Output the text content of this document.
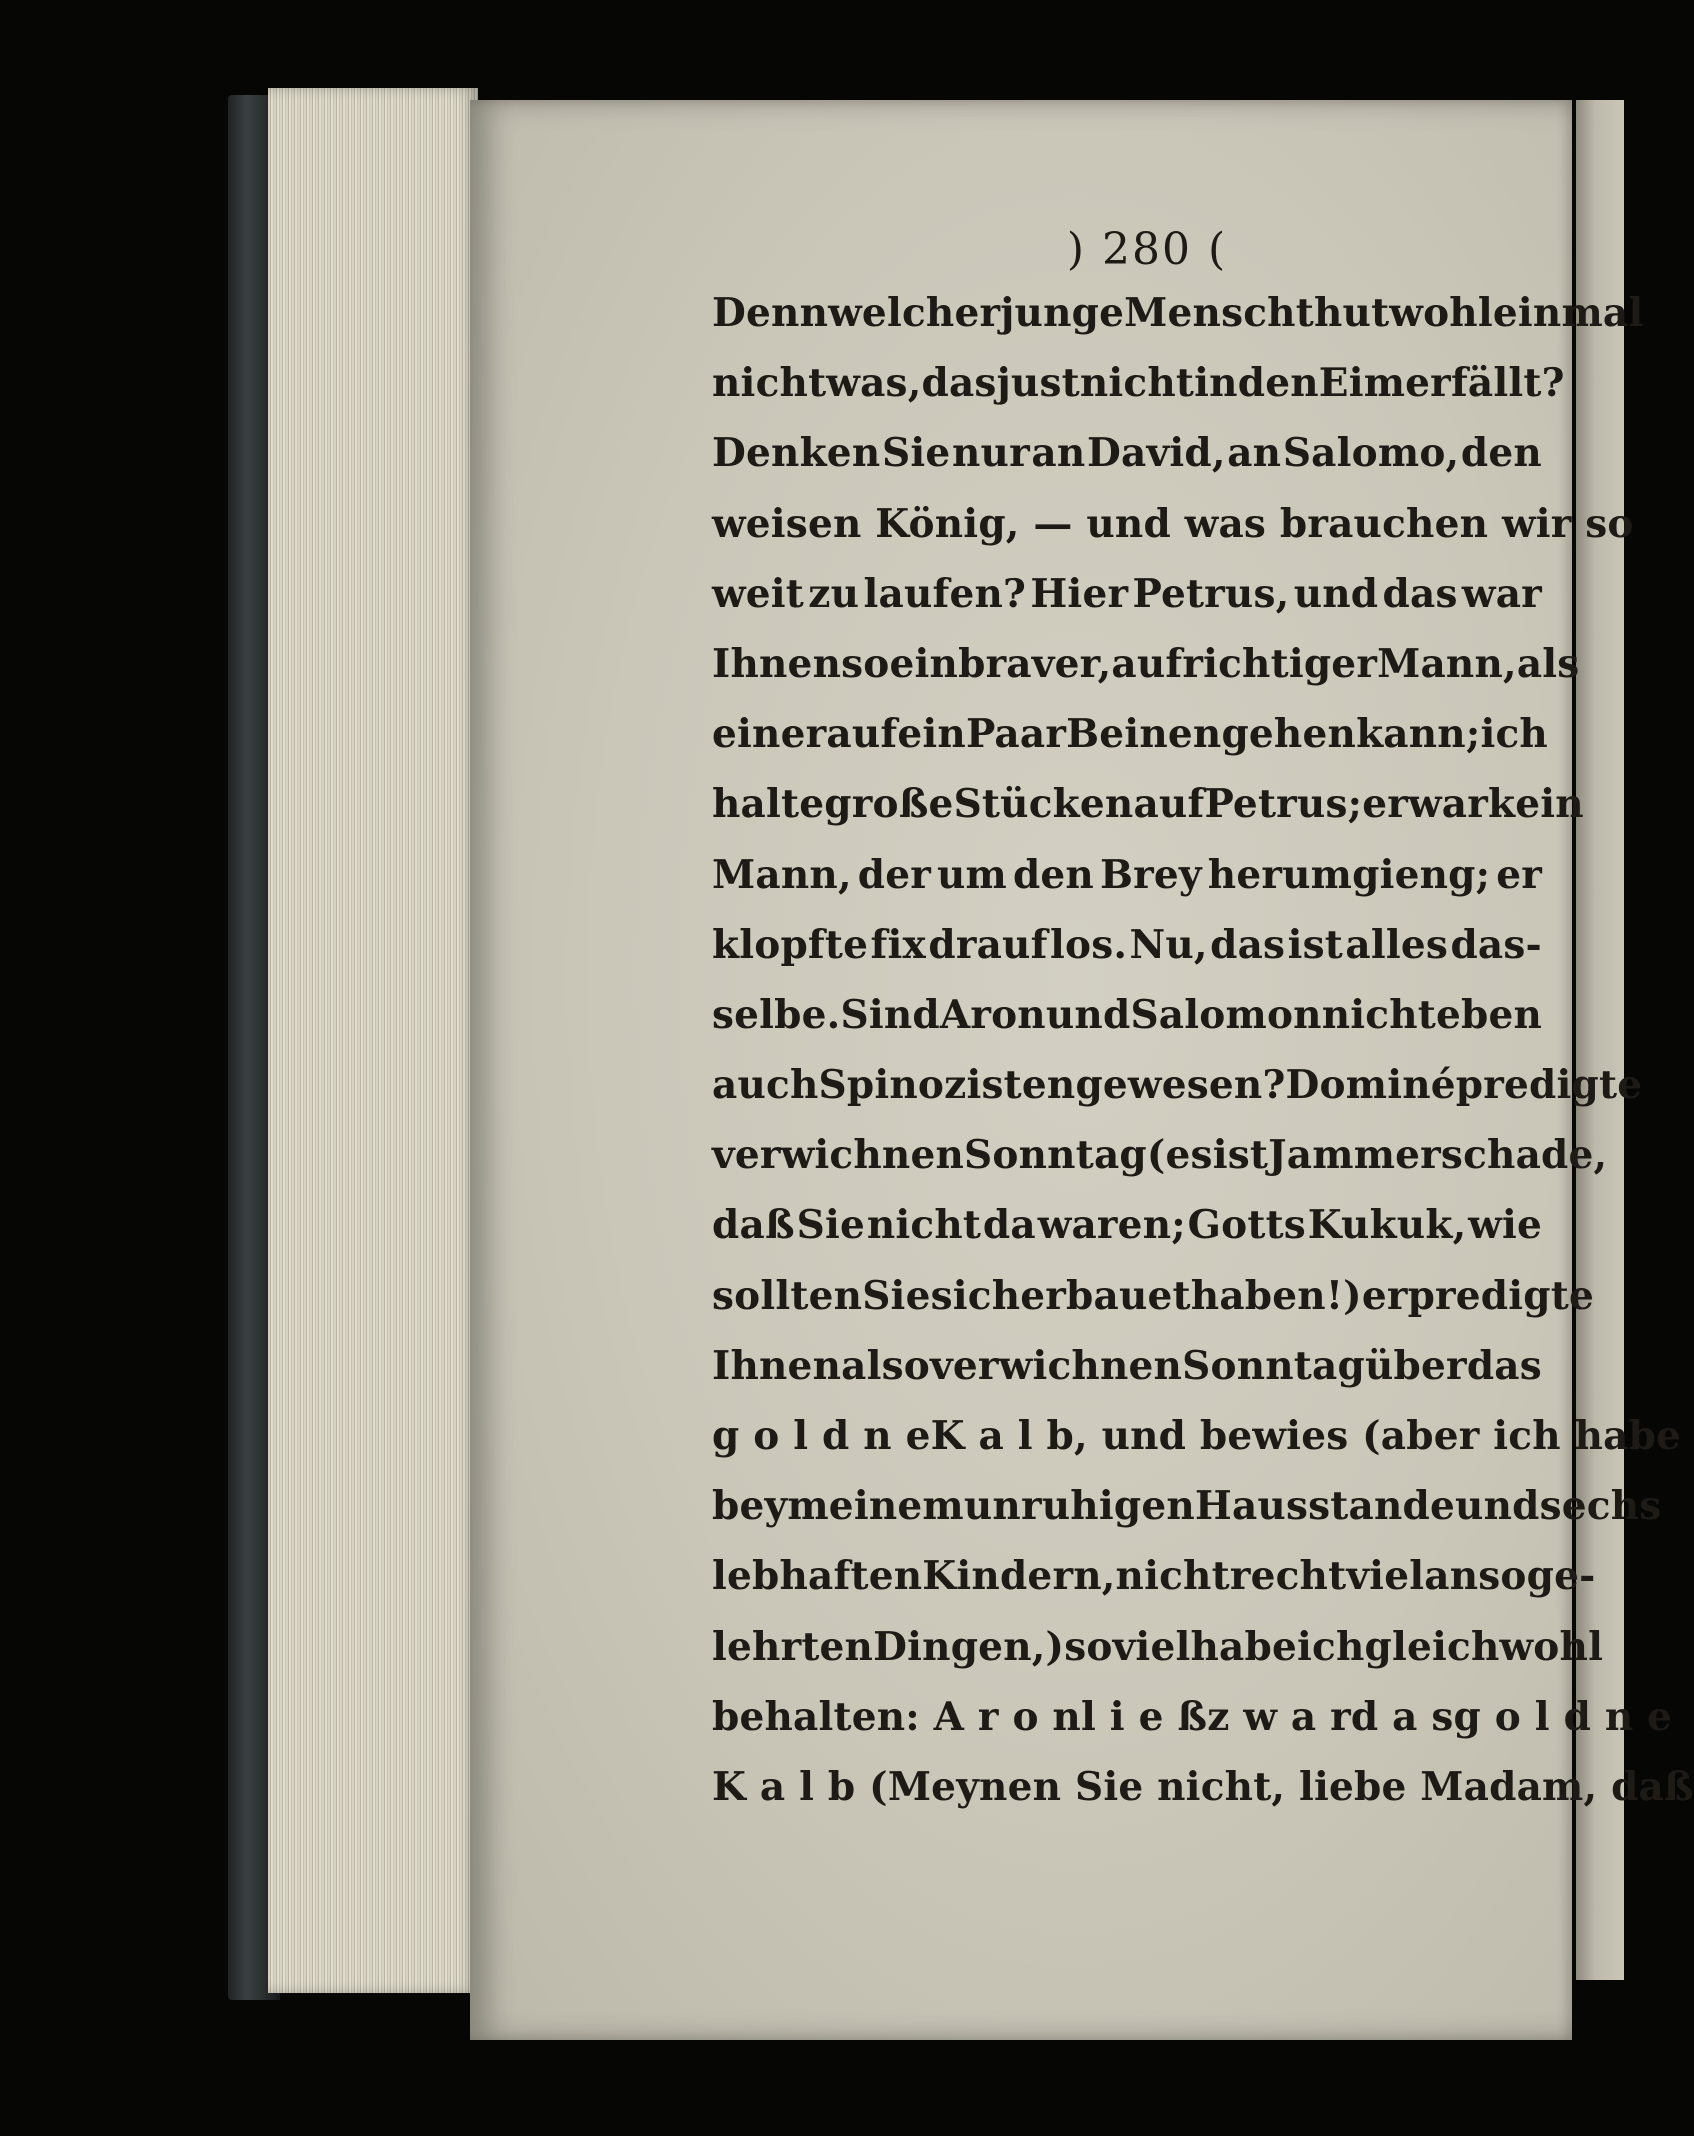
) 280 (
Denn welcher junge Mensch thut wohl einmal
nicht was, das just nicht in den Eimer fällt?
Denken Sie nur an David, an Salomo, den
weisen König, — und was brauchen wir so
weit zu laufen? Hier Petrus, und das war
Ihnen so ein braver, aufrichtiger Mann, als
einer auf ein Paar Beinen gehen kann; ich
halte große Stücken auf Petrus; er war kein
Mann, der um den Brey herumgieng; er
klopfte fix drauf los. Nu, das ist alles das-
selbe. Sind Aron und Salomon nicht eben
auch Spinozisten gewesen? Dominé predigte
verwichnen Sonntag (es ist Jammerschade,
daß Sie nicht da waren; Gotts Kukuk, wie
sollten Sie sich erbauet haben!) er predigte
Ihnen also verwichnen Sonntag über das
g o l d n e K a l b, und bewies (aber ich habe
bey meinem unruhigen Hausstande und sechs
lebhaften Kindern, nicht recht viel an so ge-
lehrten Dingen,) so viel habe ich gleichwohl
behalten: A r o n l i e ß z w a r d a s g o l d n e
K a l b (Meynen Sie nicht, liebe Madam, daß
